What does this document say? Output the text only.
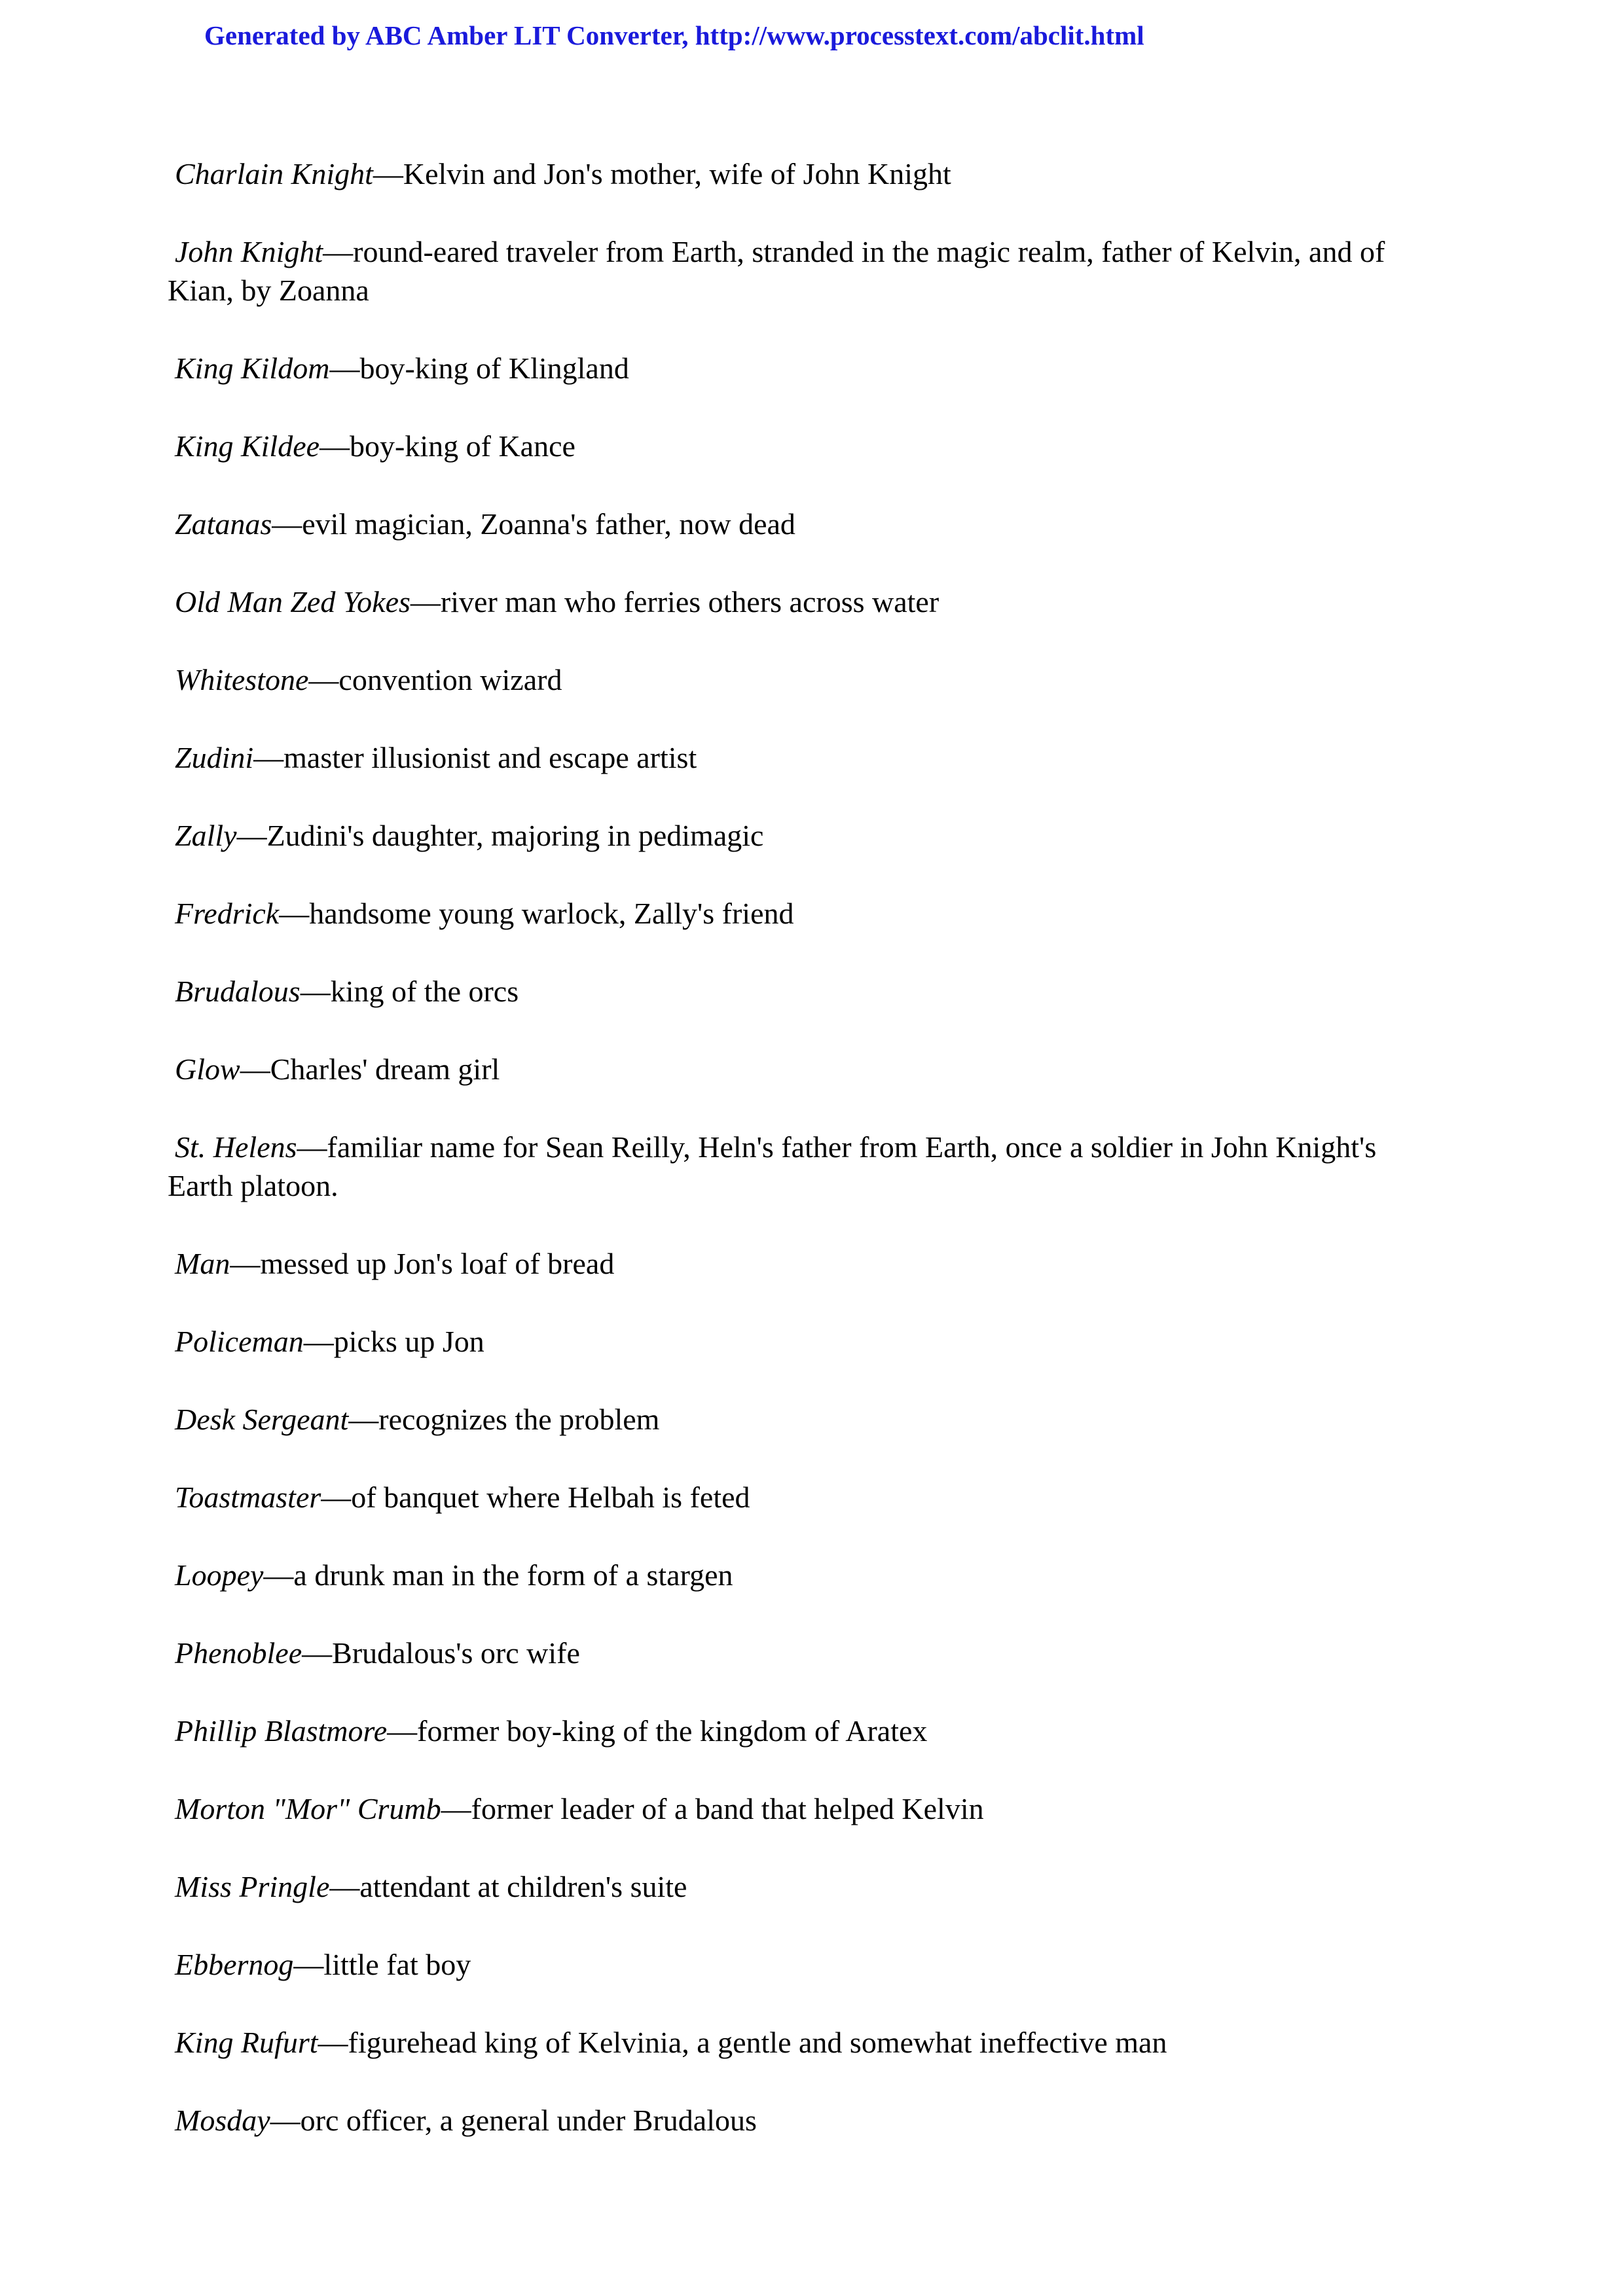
Generated by ABC Amber LIT Converter, http://www.processtext.com/abclit.html

Charlain Knight—Kelvin and Jon's mother, wife of John Knight

John Knight—round-eared traveler from Earth, stranded in the magic realm, father of Kelvin, and of Kian, by Zoanna

King Kildom—boy-king of Klingland

King Kildee—boy-king of Kance

Zatanas—evil magician, Zoanna's father, now dead

Old Man Zed Yokes—river man who ferries others across water

Whitestone—convention wizard

Zudini—master illusionist and escape artist

Zally—Zudini's daughter, majoring in pedimagic

Fredrick—handsome young warlock, Zally's friend

Brudalous—king of the orcs

Glow—Charles' dream girl

St. Helens—familiar name for Sean Reilly, Heln's father from Earth, once a soldier in John Knight's Earth platoon.

Man—messed up Jon's loaf of bread

Policeman—picks up Jon

Desk Sergeant—recognizes the problem

Toastmaster—of banquet where Helbah is feted

Loopey—a drunk man in the form of a stargen

Phenoblee—Brudalous's orc wife

Phillip Blastmore—former boy-king of the kingdom of Aratex

Morton "Mor" Crumb—former leader of a band that helped Kelvin

Miss Pringle—attendant at children's suite

Ebbernog—little fat boy

King Rufurt—figurehead king of Kelvinia, a gentle and somewhat ineffective man

Mosday—orc officer, a general under Brudalous
